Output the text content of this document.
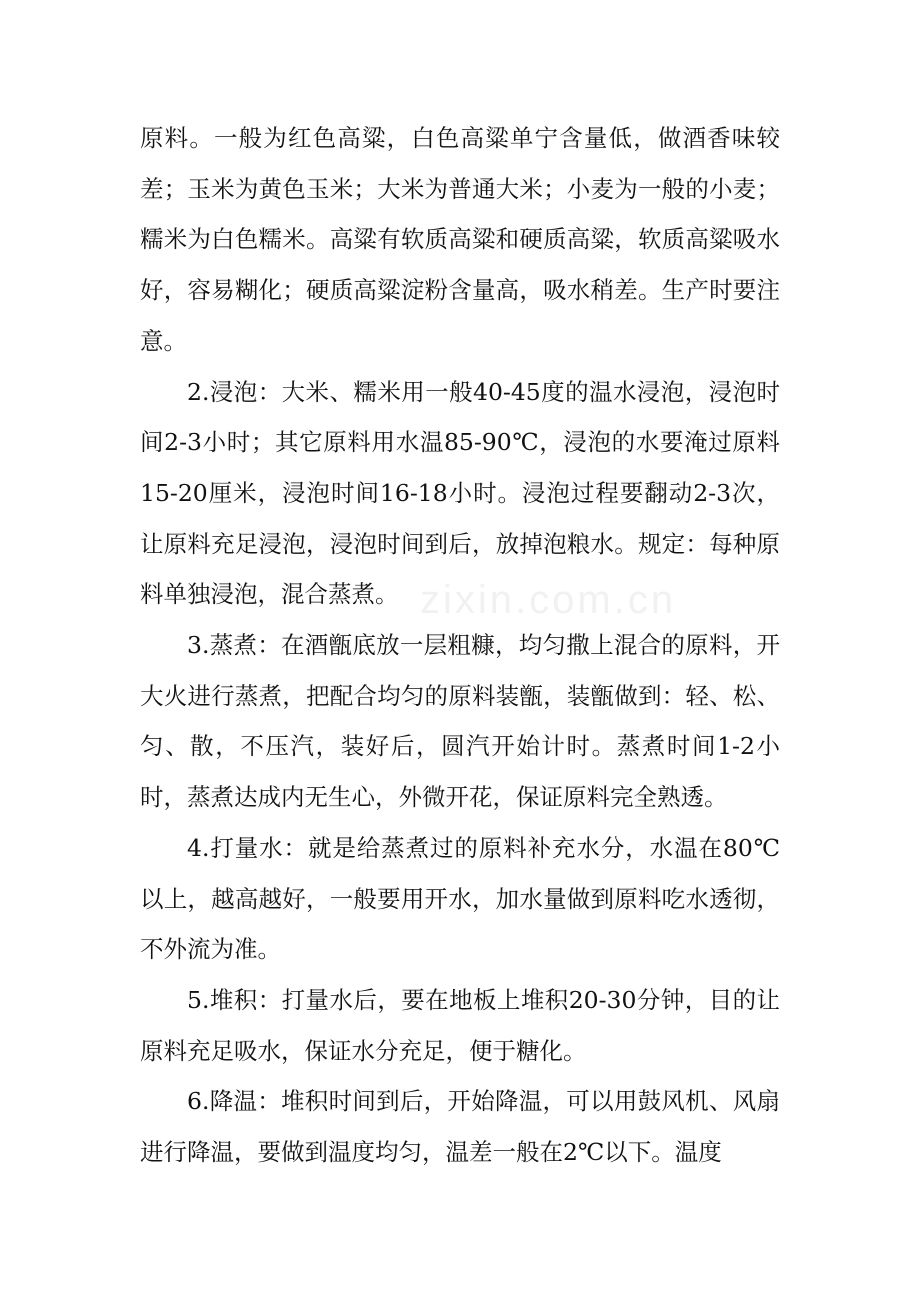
zixin.com.cn

原料。一般为红色高粱，白色高粱单宁含量低，做酒香味较差；玉米为黄色玉米；大米为普通大米；小麦为一般的小麦；糯米为白色糯米。高粱有软质高粱和硬质高粱，软质高粱吸水好，容易糊化；硬质高粱淀粉含量高，吸水稍差。生产时要注意。

2.浸泡：大米、糯米用一般40-45度的温水浸泡，浸泡时间2-3小时；其它原料用水温85-90℃，浸泡的水要淹过原料15-20厘米，浸泡时间16-18小时。浸泡过程要翻动2-3次，让原料充足浸泡，浸泡时间到后，放掉泡粮水。规定：每种原料单独浸泡，混合蒸煮。

3.蒸煮：在酒甑底放一层粗糠，均匀撒上混合的原料，开大火进行蒸煮，把配合均匀的原料装甑，装甑做到：轻、松、匀、散，不压汽，装好后，圆汽开始计时。蒸煮时间1-2小时，蒸煮达成内无生心，外微开花，保证原料完全熟透。

4.打量水：就是给蒸煮过的原料补充水分，水温在80℃以上，越高越好，一般要用开水，加水量做到原料吃水透彻，不外流为准。

5.堆积：打量水后，要在地板上堆积20-30分钟，目的让原料充足吸水，保证水分充足，便于糖化。

6.降温：堆积时间到后，开始降温，可以用鼓风机、风扇进行降温，要做到温度均匀，温差一般在2℃以下。温度
